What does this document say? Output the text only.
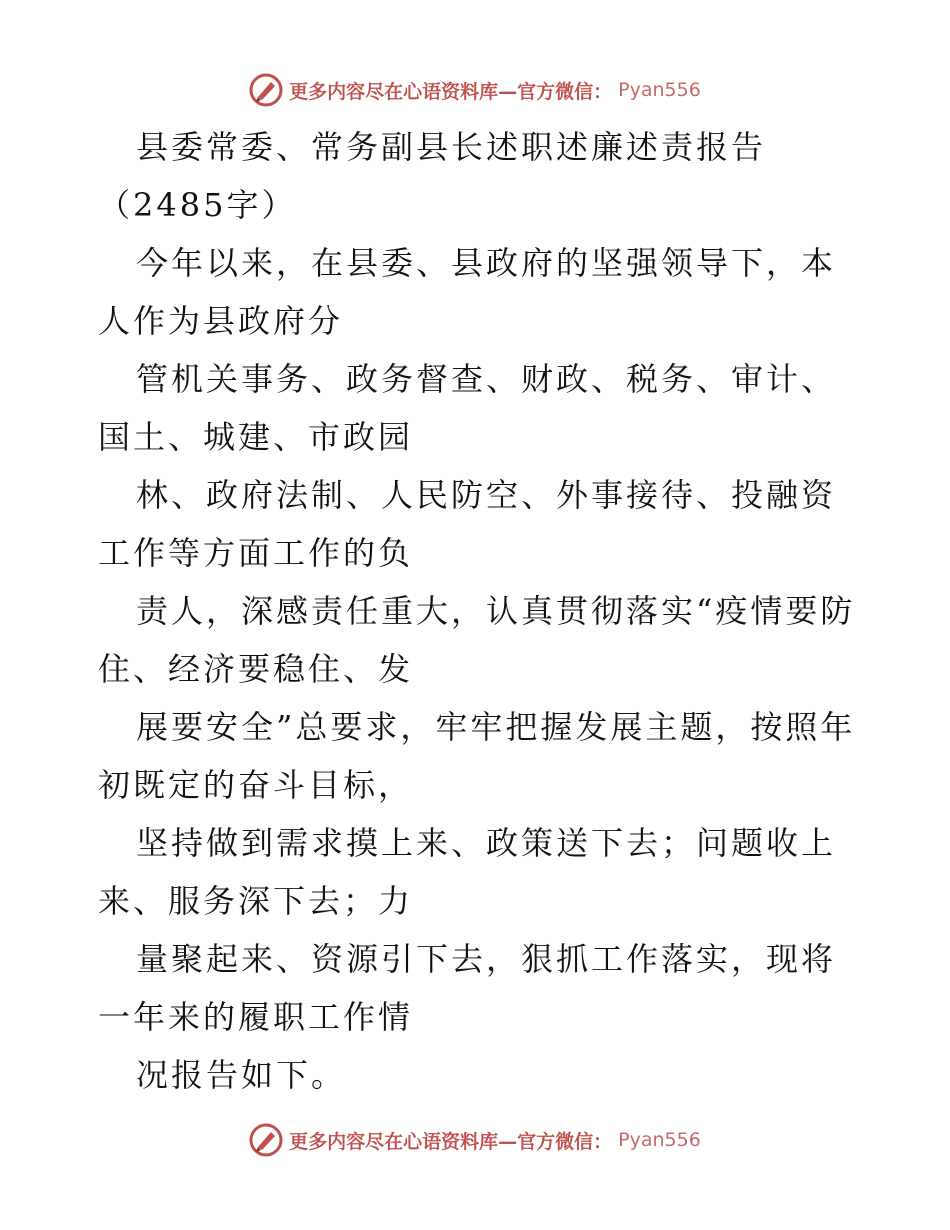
更多内容尽在心语资料库—官方微信： Pyan556

县委常委、常务副县长述职述廉述责报告（2485字）

今年以来，在县委、县政府的坚强领导下，本人作为县政府分

管机关事务、政务督查、财政、税务、审计、国土、城建、市政园

林、政府法制、人民防空、外事接待、投融资工作等方面工作的负

责人，深感责任重大，认真贯彻落实“疫情要防住、经济要稳住、发

展要安全”总要求，牢牢把握发展主题，按照年初既定的奋斗目标，

坚持做到需求摸上来、政策送下去；问题收上来、服务深下去；力

量聚起来、资源引下去，狠抓工作落实，现将一年来的履职工作情

况报告如下。

更多内容尽在心语资料库—官方微信： Pyan556
